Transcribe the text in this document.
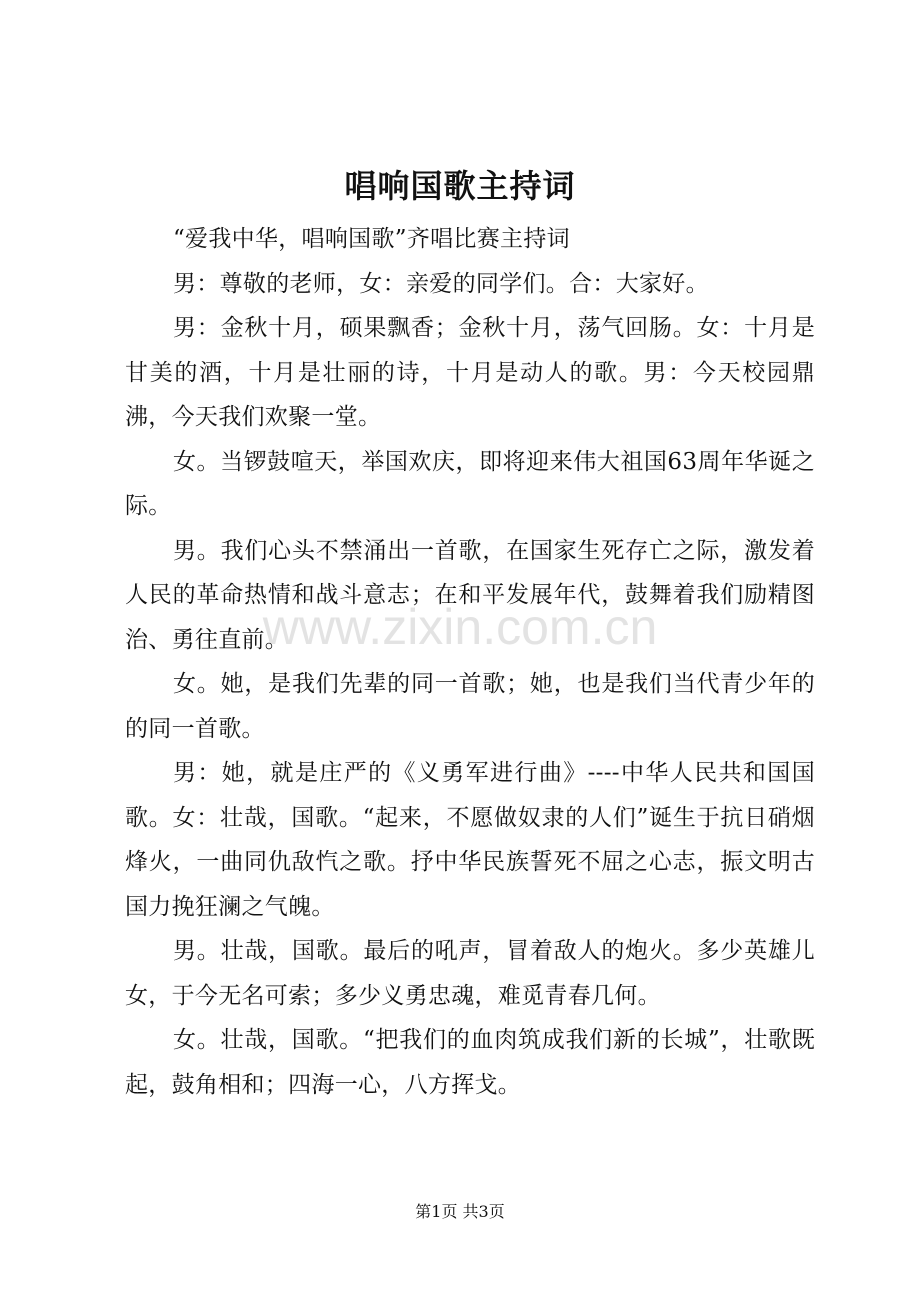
www.zixin.com.cn
唱响国歌主持词

“爱我中华，唱响国歌”齐唱比赛主持词

男：尊敬的老师，女：亲爱的同学们。合：大家好。

男：金秋十月，硕果飘香；金秋十月，荡气回肠。女：十月是甘美的酒，十月是壮丽的诗，十月是动人的歌。男：今天校园鼎沸，今天我们欢聚一堂。

女。当锣鼓喧天，举国欢庆，即将迎来伟大祖国63周年华诞之际。

男。我们心头不禁涌出一首歌，在国家生死存亡之际，激发着人民的革命热情和战斗意志；在和平发展年代，鼓舞着我们励精图治、勇往直前。

女。她，是我们先辈的同一首歌；她，也是我们当代青少年的的同一首歌。

男：她，就是庄严的《义勇军进行曲》----中华人民共和国国歌。女：壮哉，国歌。“起来，不愿做奴隶的人们”诞生于抗日硝烟烽火，一曲同仇敌忾之歌。抒中华民族誓死不屈之心志，振文明古国力挽狂澜之气魄。

男。壮哉，国歌。最后的吼声，冒着敌人的炮火。多少英雄儿女，于今无名可索；多少义勇忠魂，难觅青春几何。

女。壮哉，国歌。“把我们的血肉筑成我们新的长城”，壮歌既起，鼓角相和；四海一心，八方挥戈。

第1页 共3页
